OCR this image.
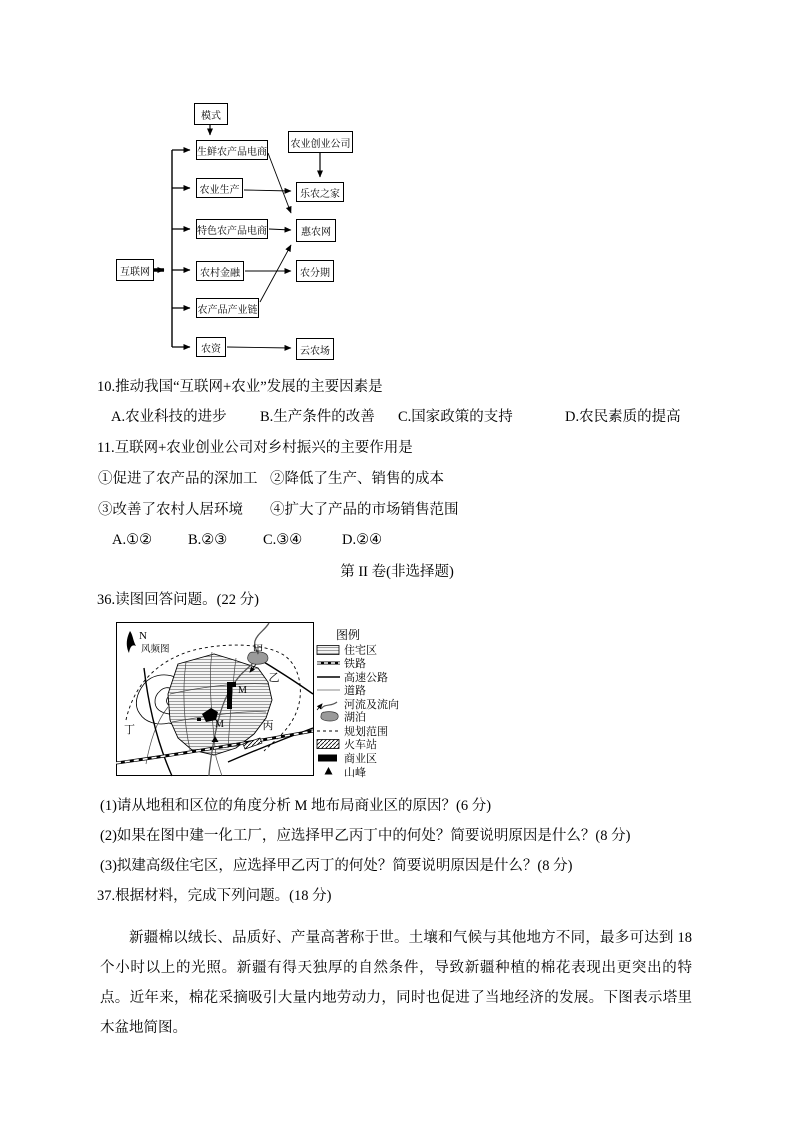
模式
互联网
生鲜农产品电商
农业生产
特色农产品电商
农村金融
农产品产业链
农资
农业创业公司
乐农之家
惠农网
农分期
云农场
10.推动我国“互联网+农业”发展的主要因素是
A.农业科技的进步 B.生产条件的改善 C.国家政策的支持	D.农民素质的提高
11.互联网+农业创业公司对乡村振兴的主要作用是
①促进了农产品的深加工 ②降低了生产、销售的成本
③改善了农村人居环境 ④扩大了产品的市场销售范围
A.①② B.②③ C.③④	D.②④
第 II 卷(非选择题)
36.读图回答问题。(22 分)
N
风频图	甲
乙
丙
丁
M
M
图例
住宅区
铁路
高速公路
道路
河流及流向
湖泊
规划范围
火车站
商业区
山峰
(1)请从地租和区位的角度分析 M 地布局商业区的原因？(6 分)
(2)如果在图中建一化工厂，应选择甲乙丙丁中的何处？简要说明原因是什么？(8 分)
(3)拟建高级住宅区，应选择甲乙丙丁的何处？简要说明原因是什么？(8 分)
37.根据材料，完成下列问题。(18 分)

新疆棉以绒长、品质好、产量高著称于世。土壤和气候与其他地方不同，最多可达到 18 个小时以上的光照。新疆有得天独厚的自然条件，导致新疆种植的棉花表现出更突出的特点。近年来，棉花采摘吸引大量内地劳动力，同时也促进了当地经济的发展。下图表示塔里木盆地简图。
